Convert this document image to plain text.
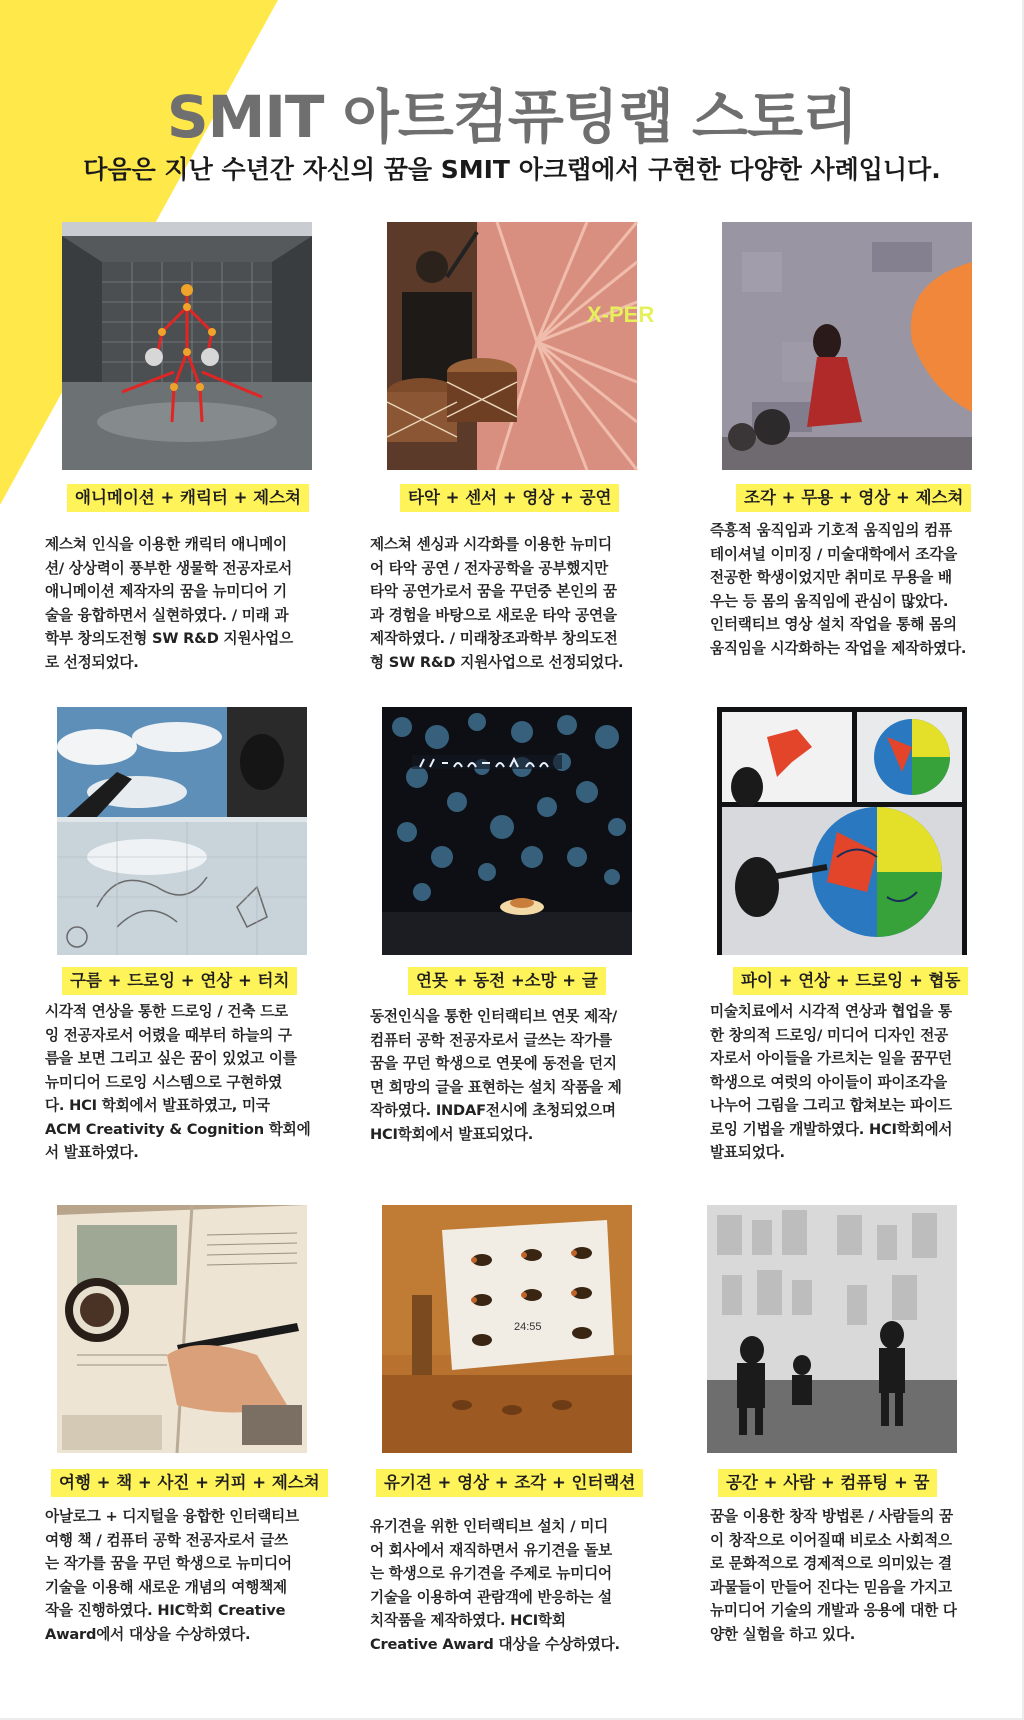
SMIT 아트컴퓨팅랩 스토리
다음은 지난 수년간 자신의 꿈을 SMIT 아크랩에서 구현한 다양한 사례입니다.
애니메이션 + 캐릭터 + 제스쳐
제스쳐 인식을 이용한 캐릭터 애니메이
션/ 상상력이 풍부한 생물학 전공자로서
애니메이션 제작자의 꿈을 뉴미디어 기
술을 융합하면서 실현하였다. / 미래 과
학부 창의도전형 SW R&D 지원사업으
로 선정되었다.
X-PER
타악 + 센서 + 영상 + 공연
제스쳐 센싱과 시각화를 이용한 뉴미디
어 타악 공연 / 전자공학을 공부했지만
타악 공연가로서 꿈을 꾸던중 본인의 꿈
과 경험을 바탕으로 새로운 타악 공연을
제작하였다. / 미래창조과학부 창의도전
형 SW R&D 지원사업으로 선정되었다.
조각 + 무용 + 영상 + 제스쳐
즉흥적 움직임과 기호적 움직임의 컴퓨
테이셔널 이미징 / 미술대학에서 조각을
전공한 학생이었지만 취미로 무용을 배
우는 등 몸의 움직임에 관심이 많았다.
인터랙티브 영상 설치 작업을 통해 몸의
움직임을 시각화하는 작업을 제작하였다.
구름 + 드로잉 + 연상 + 터치
시각적 연상을 통한 드로잉 / 건축 드로
잉 전공자로서 어렸을 때부터 하늘의 구
름을 보면 그리고 싶은 꿈이 있었고 이를
뉴미디어 드로잉 시스템으로 구현하였
다. HCI 학회에서 발표하였고, 미국
ACM Creativity & Cognition 학회에
서 발표하였다.
연못 + 동전 +소망 + 글
동전인식을 통한 인터랙티브 연못 제작/
컴퓨터 공학 전공자로서 글쓰는 작가를
꿈을 꾸던 학생으로 연못에 동전을 던지
면 희망의 글을 표현하는 설치 작품을 제
작하였다. INDAF전시에 초청되었으며
HCI학회에서 발표되었다.
파이 + 연상 + 드로잉 + 협동
미술치료에서 시각적 연상과 협업을 통
한 창의적 드로잉/ 미디어 디자인 전공
자로서 아이들을 가르치는 일을 꿈꾸던
학생으로 여럿의 아이들이 파이조각을
나누어 그림을 그리고 합쳐보는 파이드
로잉 기법을 개발하였다. HCI학회에서
발표되었다.
여행 + 책 + 사진 + 커피 + 제스쳐
아날로그 + 디지털을 융합한 인터랙티브
여행 책 / 컴퓨터 공학 전공자로서 글쓰
는 작가를 꿈을 꾸던 학생으로 뉴미디어
기술을 이용해 새로운 개념의 여행책제
작을 진행하였다. HIC학회 Creative
Award에서 대상을 수상하였다.
24:55
유기견 + 영상 + 조각 + 인터랙션
유기견을 위한 인터랙티브 설치 / 미디
어 회사에서 재직하면서 유기견을 돌보
는 학생으로 유기견을 주제로 뉴미디어
기술을 이용하여 관람객에 반응하는 설
치작품을 제작하였다. HCI학회
Creative Award 대상을 수상하였다.
공간 + 사람 + 컴퓨팅 + 꿈
꿈을 이용한 창작 방법론 / 사람들의 꿈
이 창작으로 이어질때 비로소 사회적으
로 문화적으로 경제적으로 의미있는 결
과물들이 만들어 진다는 믿음을 가지고
뉴미디어 기술의 개발과 응용에 대한 다
양한 실험을 하고 있다.
